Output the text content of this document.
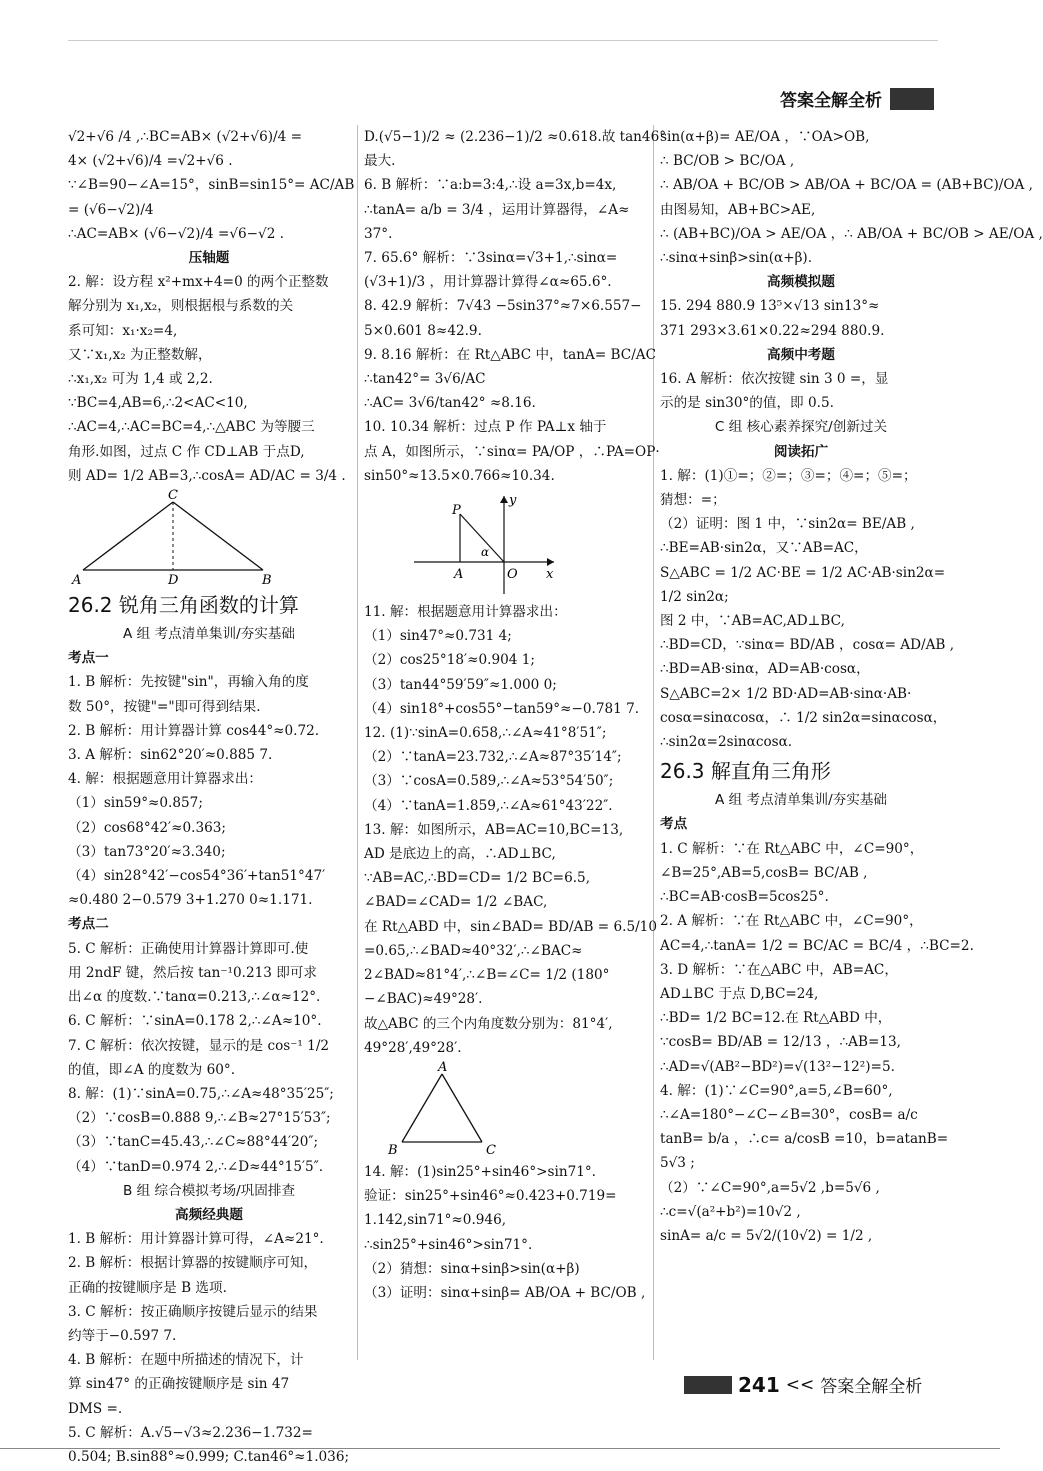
答案全解全析
√2+√6 /4 ,∴BC=AB× (√2+√6)/4 =
4× (√2+√6)/4 =√2+√6 .
∵∠B=90−∠A=15°，sinB=sin15°= AC/AB
= (√6−√2)/4
∴AC=AB× (√6−√2)/4 =√6−√2 .
压轴题
2. 解：设方程 x²+mx+4=0 的两个正整数
解分别为 x₁,x₂，则根据根与系数的关
系可知：x₁·x₂=4,
又∵x₁,x₂ 为正整数解，
∴x₁,x₂ 可为 1,4 或 2,2.
∵BC=4,AB=6,∴2<AC<10,
∴AC=4,∴AC=BC=4,∴△ABC 为等腰三
角形.如图，过点 C 作 CD⊥AB 于点D,
则 AD= 1/2 AB=3,∴cosA= AD/AC = 3/4 .
C
A	D	B
26.2 锐角三角函数的计算
A 组 考点清单集训/夯实基础
考点一
1. B 解析：先按键"sin"，再输入角的度
数 50°，按键"="即可得到结果.
2. B 解析：用计算器计算 cos44°≈0.72.
3. A 解析：sin62°20′≈0.885 7.
4. 解：根据题意用计算器求出：
（1）sin59°≈0.857;
（2）cos68°42′≈0.363;
（3）tan73°20′≈3.340;
（4）sin28°42′−cos54°36′+tan51°47′
≈0.480 2−0.579 3+1.270 0≈1.171.
考点二
5. C 解析：正确使用计算器计算即可.使
用 2ndF 键，然后按 tan⁻¹0.213 即可求
出∠α 的度数.∵tanα=0.213,∴∠α≈12°.
6. C 解析：∵sinA=0.178 2,∴∠A≈10°.
7. C 解析：依次按键，显示的是 cos⁻¹ 1/2
的值，即∠A 的度数为 60°.
8. 解：(1)∵sinA=0.75,∴∠A≈48°35′25″;
（2）∵cosB=0.888 9,∴∠B≈27°15′53″;
（3）∵tanC=45.43,∴∠C≈88°44′20″;
（4）∵tanD=0.974 2,∴∠D≈44°15′5″.
B 组 综合模拟考场/巩固排查
高频经典题
1. B 解析：用计算器计算可得，∠A≈21°.
2. B 解析：根据计算器的按键顺序可知，
正确的按键顺序是 B 选项.
3. C 解析：按正确顺序按键后显示的结果
约等于−0.597 7.
4. B 解析：在题中所描述的情况下，计
算 sin47° 的正确按键顺序是 sin 47
DMS =.
5. C 解析：A.√5−√3≈2.236−1.732=
0.504; B.sin88°≈0.999; C.tan46°≈1.036;
D.(√5−1)/2 ≈ (2.236−1)/2 ≈0.618.故 tan46°
最大.
6. B 解析：∵a:b=3:4,∴设 a=3x,b=4x,
∴tanA= a/b = 3/4 ，运用计算器得，∠A≈
37°.
7. 65.6° 解析：∵3sinα=√3+1,∴sinα=
(√3+1)/3 ，用计算器计算得∠α≈65.6°.
8. 42.9 解析：7√43 −5sin37°≈7×6.557−
5×0.601 8≈42.9.
9. 8.16 解析：在 Rt△ABC 中，tanA= BC/AC
∴tan42°= 3√6/AC
∴AC= 3√6/tan42° ≈8.16.
10. 10.34 解析：过点 P 作 PA⊥x 轴于
点 A，如图所示，∵sinα= PA/OP ，∴PA=OP·
sin50°≈13.5×0.766≈10.34.
P
y
α
A	O x
11. 解：根据题意用计算器求出：
（1）sin47°≈0.731 4;
（2）cos25°18′≈0.904 1;
（3）tan44°59′59″≈1.000 0;
（4）sin18°+cos55°−tan59°≈−0.781 7.
12. (1)∵sinA=0.658,∴∠A≈41°8′51″;
（2）∵tanA=23.732,∴∠A≈87°35′14″;
（3）∵cosA=0.589,∴∠A≈53°54′50″;
（4）∵tanA=1.859,∴∠A≈61°43′22″.
13. 解：如图所示，AB=AC=10,BC=13,
AD 是底边上的高，∴AD⊥BC,
∵AB=AC,∴BD=CD= 1/2 BC=6.5,
∠BAD=∠CAD= 1/2 ∠BAC,
在 Rt△ABD 中，sin∠BAD= BD/AB = 6.5/10
=0.65,∴∠BAD≈40°32′,∴∠BAC≈
2∠BAD≈81°4′,∴∠B=∠C= 1/2 (180°
−∠BAC)≈49°28′.
故△ABC 的三个内角度数分别为：81°4′,
49°28′,49°28′.
A
B	C
14. 解：(1)sin25°+sin46°>sin71°.
验证：sin25°+sin46°≈0.423+0.719=
1.142,sin71°≈0.946,
∴sin25°+sin46°>sin71°.
（2）猜想：sinα+sinβ>sin(α+β)
（3）证明：sinα+sinβ= AB/OA + BC/OB ,
sin(α+β)= AE/OA ，∵OA>OB,
∴ BC/OB > BC/OA ,
∴ AB/OA + BC/OB > AB/OA + BC/OA = (AB+BC)/OA ,
由图易知，AB+BC>AE,
∴ (AB+BC)/OA > AE/OA ，∴ AB/OA + BC/OB > AE/OA ,
∴sinα+sinβ>sin(α+β).
高频模拟题
15. 294 880.9 13⁵×√13 sin13°≈
371 293×3.61×0.22≈294 880.9.
高频中考题
16. A 解析：依次按键 sin 3 0 =，显
示的是 sin30°的值，即 0.5.
C 组 核心素养探究/创新过关
阅读拓广
1. 解：(1)①=；②=；③=；④=；⑤=；
猜想：=；
（2）证明：图 1 中，∵sin2α= BE/AB ,
∴BE=AB·sin2α，又∵AB=AC，
S△ABC = 1/2 AC·BE = 1/2 AC·AB·sin2α=
1/2 sin2α;
图 2 中，∵AB=AC,AD⊥BC,
∴BD=CD，∵sinα= BD/AB ，cosα= AD/AB ,
∴BD=AB·sinα，AD=AB·cosα，
S△ABC=2× 1/2 BD·AD=AB·sinα·AB·
cosα=sinαcosα，∴ 1/2 sin2α=sinαcosα，
∴sin2α=2sinαcosα.
26.3 解直角三角形
A 组 考点清单集训/夯实基础
考点
1. C 解析：∵在 Rt△ABC 中，∠C=90°，
∠B=25°,AB=5,cosB= BC/AB ,
∴BC=AB·cosB=5cos25°.
2. A 解析：∵在 Rt△ABC 中，∠C=90°，
AC=4,∴tanA= 1/2 = BC/AC = BC/4 ，∴BC=2.
3. D 解析：∵在△ABC 中，AB=AC，
AD⊥BC 于点 D,BC=24,
∴BD= 1/2 BC=12.在 Rt△ABD 中，
∵cosB= BD/AB = 12/13 ，∴AB=13,
∴AD=√(AB²−BD²)=√(13²−12²)=5.
4. 解：(1)∵∠C=90°,a=5,∠B=60°,
∴∠A=180°−∠C−∠B=30°，cosB= a/c
tanB= b/a ，∴c= a/cosB =10，b=atanB=
5√3 ;
（2）∵∠C=90°,a=5√2 ,b=5√6 ,
∴c=√(a²+b²)=10√2 ,
sinA= a/c = 5√2/(10√2) = 1/2 ,
241 << 答案全解全析
